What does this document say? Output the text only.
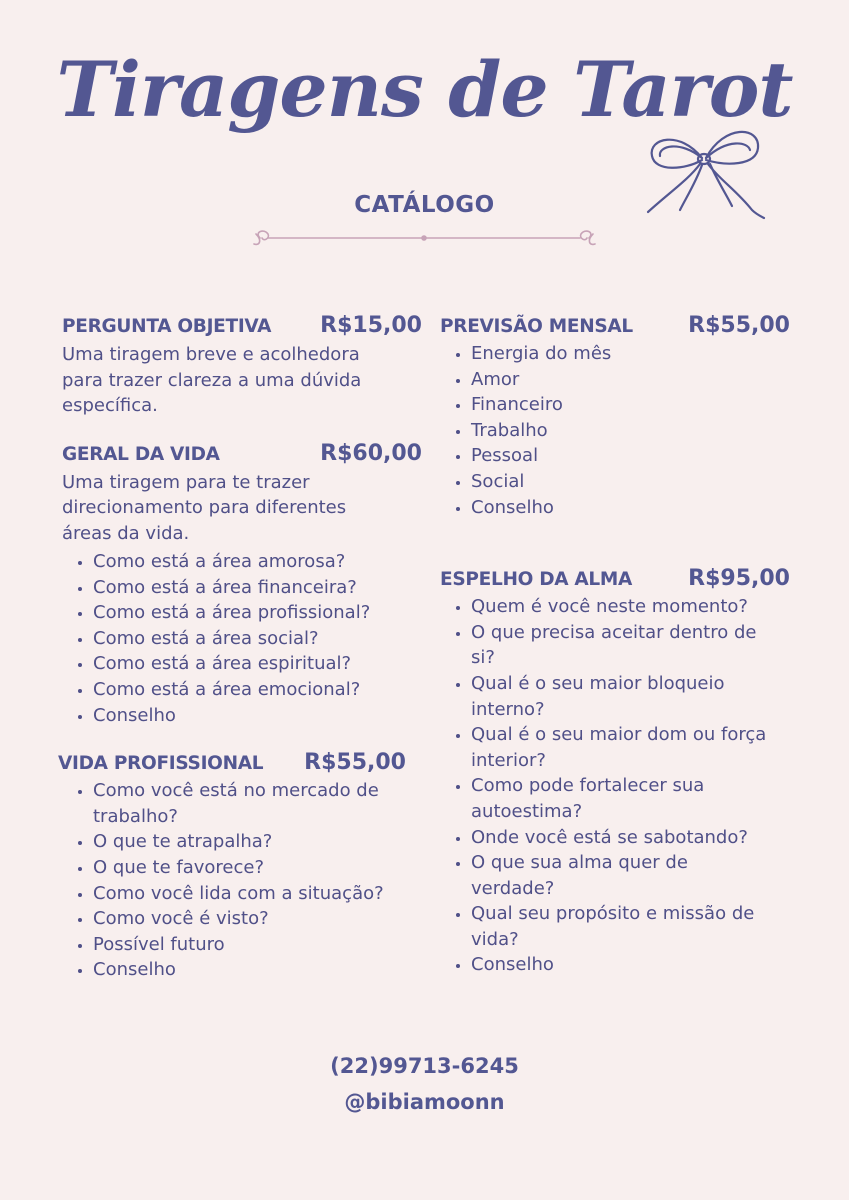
Tiragens de Tarot
CATÁLOGO
PERGUNTA OBJETIVA R$15,00
Uma tiragem breve e acolhedora para trazer clareza a uma dúvida específica.
GERAL DA VIDA	R$60,00
Uma tiragem para te trazer direcionamento para diferentes áreas da vida.
• Como está a área amorosa?
• Como está a área financeira?
• Como está a área profissional?
• Como está a área social?
• Como está a área espiritual?
• Como está a área emocional?
• Conselho
VIDA PROFISSIONAL R$55,00
• Como você está no mercado de trabalho?
• O que te atrapalha?
• O que te favorece?
• Como você lida com a situação?
• Como você é visto?
• Possível futuro
• Conselho
PREVISÃO MENSAL	R$55,00
• Energia do mês
• Amor
• Financeiro
• Trabalho
• Pessoal
• Social
• Conselho
ESPELHO DA ALMA	R$95,00
• Quem é você neste momento?
• O que precisa aceitar dentro de si?
• Qual é o seu maior bloqueio interno?
• Qual é o seu maior dom ou força interior?
• Como pode fortalecer sua autoestima?
• Onde você está se sabotando?
• O que sua alma quer de verdade?
• Qual seu propósito e missão de vida?
• Conselho
(22)99713-6245
@bibiamoonn
